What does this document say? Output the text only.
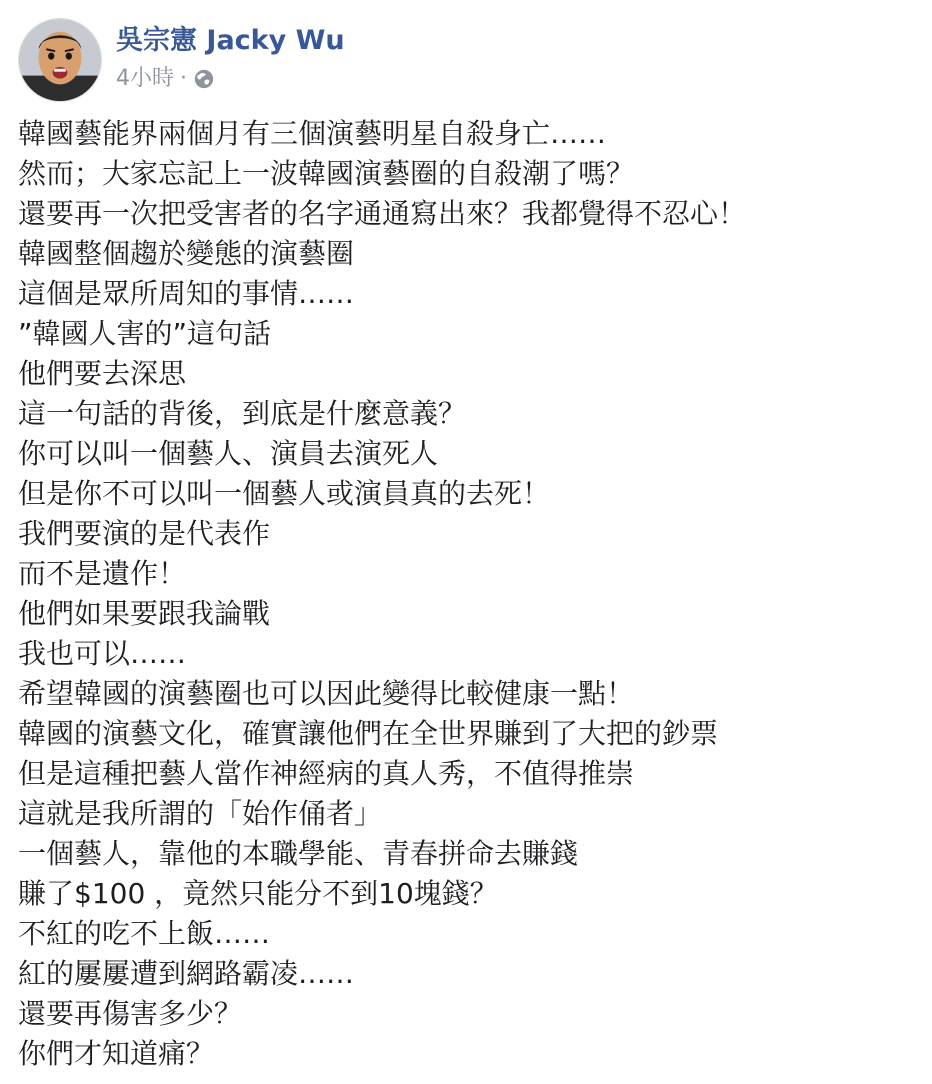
吳宗憲 Jacky Wu
4小時 ·
韓國藝能界兩個月有三個演藝明星自殺身亡……
然而；大家忘記上一波韓國演藝圈的自殺潮了嗎？
還要再一次把受害者的名字通通寫出來？我都覺得不忍心！
韓國整個趨於變態的演藝圈
這個是眾所周知的事情……
”韓國人害的”這句話
他們要去深思
這一句話的背後，到底是什麼意義？
你可以叫一個藝人、演員去演死人
但是你不可以叫一個藝人或演員真的去死！
我們要演的是代表作
而不是遺作！
他們如果要跟我論戰
我也可以……
希望韓國的演藝圈也可以因此變得比較健康一點！
韓國的演藝文化，確實讓他們在全世界賺到了大把的鈔票
但是這種把藝人當作神經病的真人秀，不值得推崇
這就是我所謂的「始作俑者」
一個藝人，靠他的本職學能、青春拼命去賺錢
賺了$100 ，竟然只能分不到10塊錢？
不紅的吃不上飯……
紅的屢屢遭到網路霸凌……
還要再傷害多少？
你們才知道痛？
